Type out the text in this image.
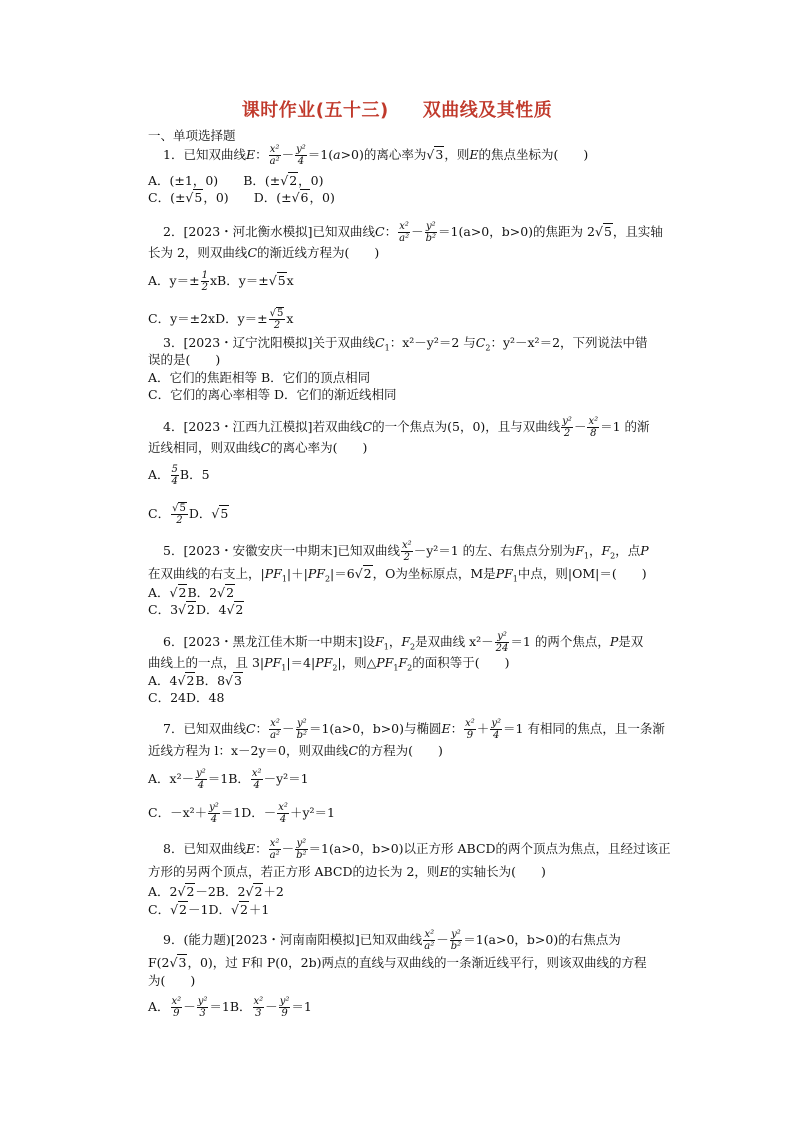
课时作业(五十三) 双曲线及其性质
一、单项选择题
1．已知双曲线E： $\frac{\text{x²}}{\text{a²}} - \frac{\text{y²}}{4} =1(a>0)$的离心率为√3，则E的焦点坐标为(　　)
A．(±1，0)　　 B．(±√2，0)
C．(±√5，0)　　 D．(±√6，0)
2．[2023・河北衡水模拟]已知双曲线C： $\frac{\text{x²}}{\text{a²}} - \frac{\text{y²}}{\text{b²}} =1(a>0$，b>0)的焦距为 2√5，且实轴
长为 2，则双曲线C的渐近线方程为(　　)
A．$y=\pm \frac{1}{2}$ xB．y＝±√5x
C．y＝±2xD．$y=\pm \frac{√5}{2}$ x
3．[2023・辽宁沈阳模拟]关于双曲线$C_1$：x²－y²＝2 与$C_2$：y²－x²＝2，下列说法中错
误的是(　　)
A．它们的焦距相等 B．它们的顶点相同
C．它们的离心率相等 D．它们的渐近线相同
4．[2023・江西九江模拟]若双曲线C的一个焦点为(5，0)，且与双曲线 $\frac{\text{y²}}{2} - \frac{\text{x²}}{8} =1$ 的渐
近线相同，则双曲线C的离心率为(　　)
A． $\frac{5}{4}$ B．5
C． $\frac{√5}{2}$ D．√5
5．[2023・安徽安庆一中期末]已知双曲线 $\frac{\text{x²}}{2} -y^2=1$ 的左、右焦点分别为$F_1$，$F_2$，点P
在双曲线的右支上，$|PF_1|+|PF_2|=6√2$，O为坐标原点，M是$PF_1$中点，则|OM|＝(　　)
A．√2B．2√2
C．3√2D．4√2
6．[2023・黑龙江佳木斯一中期末]设$F_1$，$F_2$是双曲线 $x^2- \frac{\text{y²}}{24} =1$ 的两个焦点，P是双
曲线上的一点，且 $3|PF_1|=4|PF_2|$，则$\triangle PF_1F_2$的面积等于(　　)
A．4√2B．8√3
C．24D．48
7．已知双曲线C： $\frac{\text{x²}}{\text{a²}} - \frac{\text{y²}}{\text{b²}} =1(a>0$，b>0)与椭圆E： $\frac{\text{x²}}{9} + \frac{\text{y²}}{4} =1$ 有相同的焦点，且一条渐
近线方程为 l：x－2y＝0，则双曲线C的方程为(　　)
A．$x^2- \frac{\text{y²}}{4} =1B$． $\frac{\text{x²}}{4} -y^2=1$
C．$-x^2+ \frac{\text{y²}}{4} =1D$．－ $\frac{\text{x²}}{4} +y^2=1$
8．已知双曲线E： $\frac{\text{x²}}{\text{a²}} - \frac{\text{y²}}{\text{b²}} =1(a>0$，b>0)以正方形 ABCD的两个顶点为焦点，且经过该正
方形的另两个顶点，若正方形 ABCD的边长为 2，则E的实轴长为(　　)
A．2√2－2B．2√2＋2
C．√2－1D．√2＋1
9．(能力题)[2023・河南南阳模拟]已知双曲线 $\frac{\text{x²}}{\text{a²}} - \frac{\text{y²}}{\text{b²}} =1(a>0$，b>0)的右焦点为
F(2√3，0)，过 F和 P(0，2b)两点的直线与双曲线的一条渐近线平行，则该双曲线的方程
为(　　)
A． $\frac{\text{x²}}{9} - \frac{\text{y²}}{3} =1B$． $\frac{\text{x²}}{3} - \frac{\text{y²}}{9} =1$
